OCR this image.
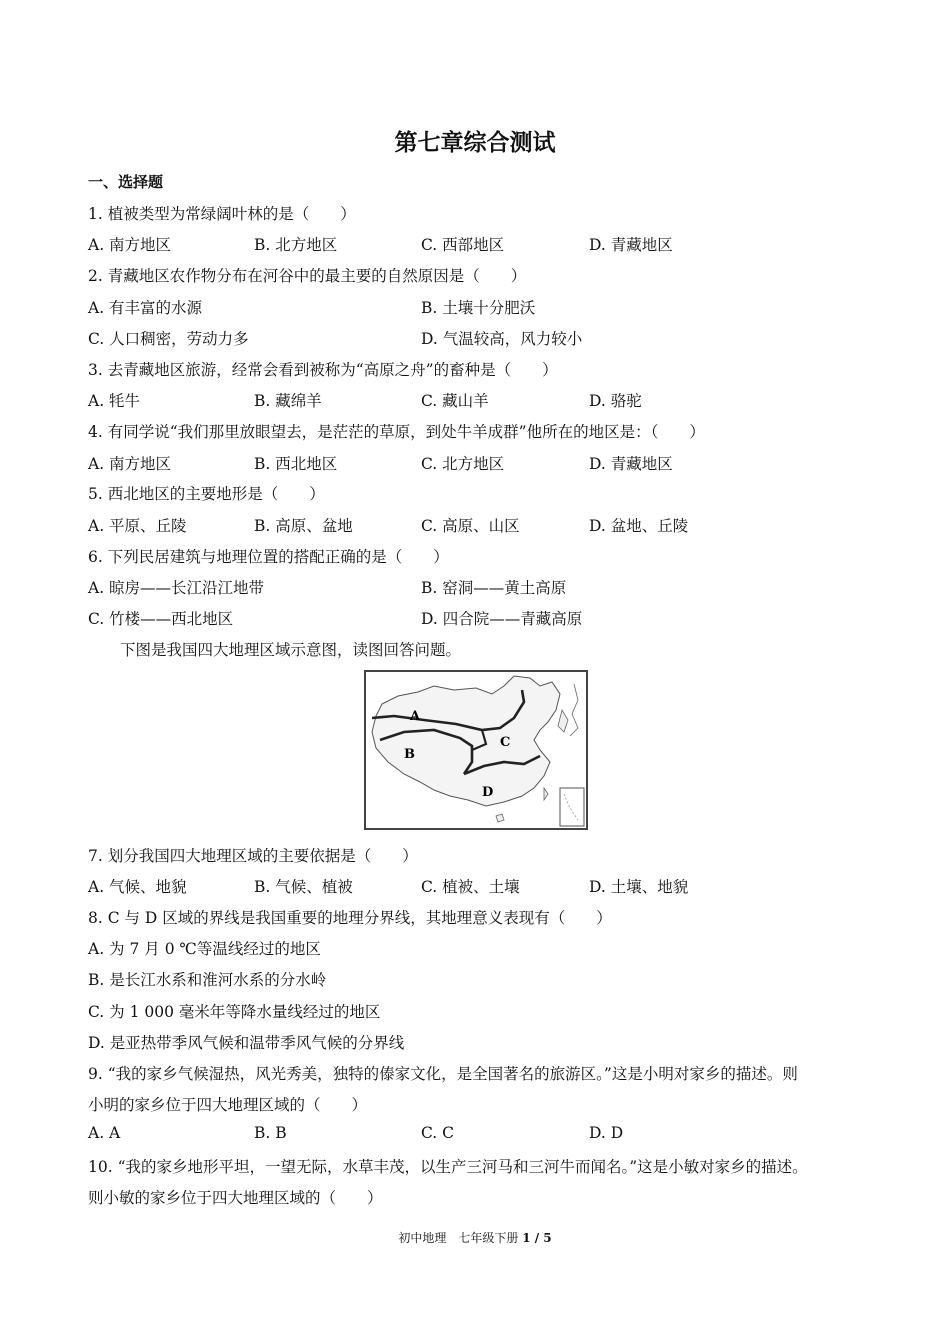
第七章综合测试
一、选择题
1. 植被类型为常绿阔叶林的是（　　）
A. 南方地区	B. 北方地区	C. 西部地区	D. 青藏地区
2. 青藏地区农作物分布在河谷中的最主要的自然原因是（　　）
A. 有丰富的水源	B. 土壤十分肥沃
C. 人口稠密，劳动力多	D. 气温较高，风力较小
3. 去青藏地区旅游，经常会看到被称为“高原之舟”的畜种是（　　）
A. 牦牛	B. 藏绵羊	C. 藏山羊	D. 骆驼
4. 有同学说“我们那里放眼望去，是茫茫的草原，到处牛羊成群”他所在的地区是：（　　）
A. 南方地区	B. 西北地区	C. 北方地区	D. 青藏地区
5. 西北地区的主要地形是（　　）
A. 平原、丘陵	B. 高原、盆地	C. 高原、山区	D. 盆地、丘陵
6. 下列民居建筑与地理位置的搭配正确的是（　　）
A. 晾房——长江沿江地带	B. 窑洞——黄土高原
C. 竹楼——西北地区	D. 四合院——青藏高原
下图是我国四大地理区域示意图，读图回答问题。
A
B
C
D
7. 划分我国四大地理区域的主要依据是（　　）
A. 气候、地貌	B. 气候、植被	C. 植被、土壤	D. 土壤、地貌
8. C 与 D 区域的界线是我国重要的地理分界线，其地理意义表现有（　　）
A. 为 7 月 0 ℃等温线经过的地区
B. 是长江水系和淮河水系的分水岭
C. 为 1 000 毫米年等降水量线经过的地区
D. 是亚热带季风气候和温带季风气候的分界线
9. “我的家乡气候湿热，风光秀美，独特的傣家文化，是全国著名的旅游区。”这是小明对家乡的描述。则
小明的家乡位于四大地理区域的（　　）
A. A	B. B	C. C	D. D
10. “我的家乡地形平坦，一望无际，水草丰茂，以生产三河马和三河牛而闻名。”这是小敏对家乡的描述。
则小敏的家乡位于四大地理区域的（　　）
初中地理　七年级下册 1 / 5
